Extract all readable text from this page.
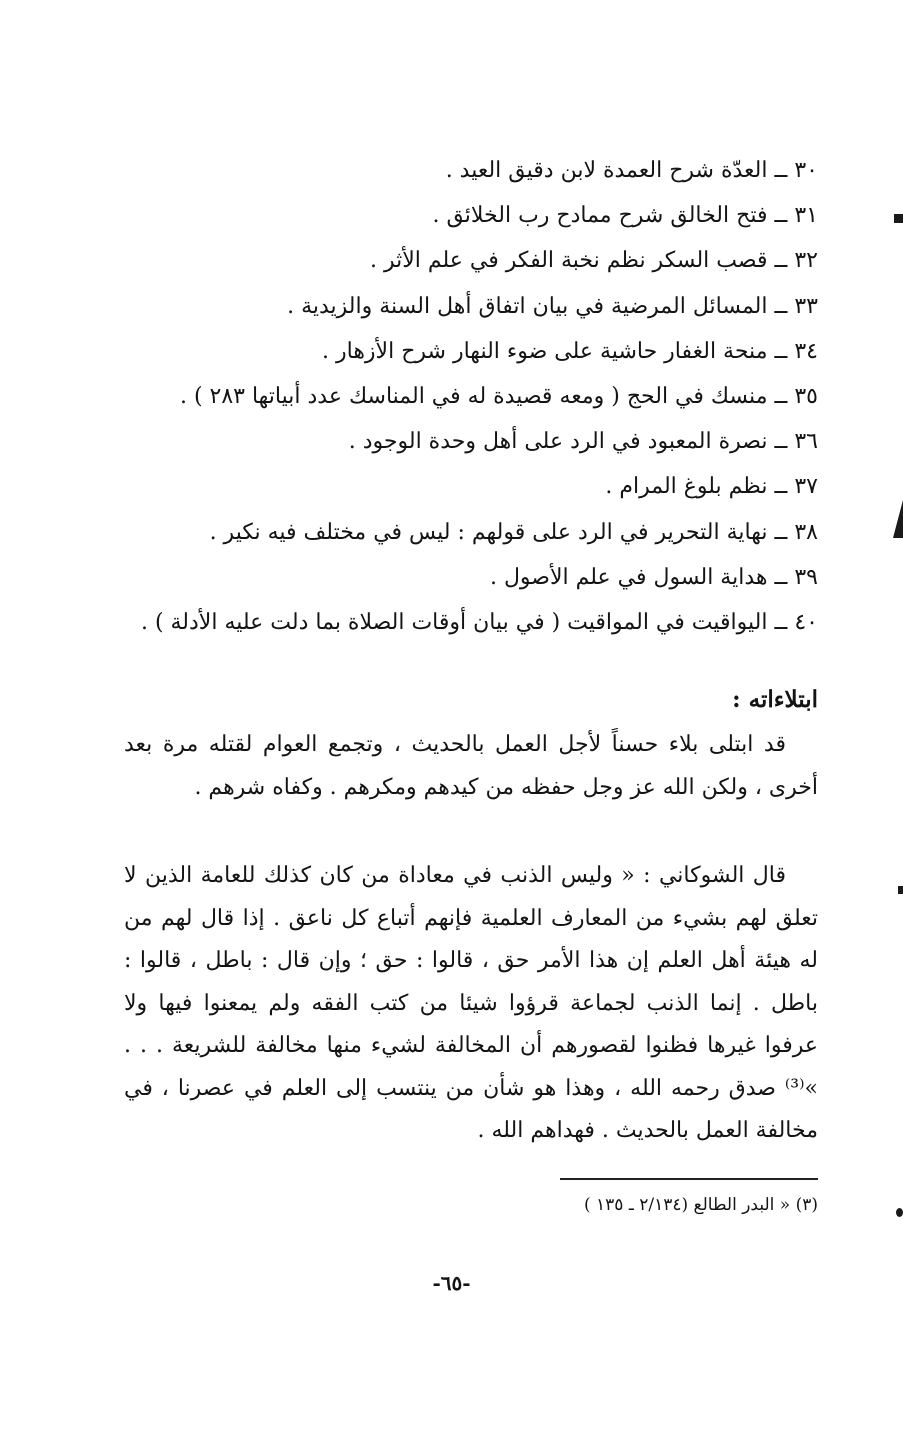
٣٠ ــ العدّة شرح العمدة لابن دقيق العيد .
٣١ ــ فتح الخالق شرح ممادح رب الخلائق .
٣٢ ــ قصب السكر نظم نخبة الفكر في علم الأثر .
٣٣ ــ المسائل المرضية في بيان اتفاق أهل السنة والزيدية .
٣٤ ــ منحة الغفار حاشية على ضوء النهار شرح الأزهار .
٣٥ ــ منسك في الحج ( ومعه قصيدة له في المناسك عدد أبياتها ٢٨٣ ) .
٣٦ ــ نصرة المعبود في الرد على أهل وحدة الوجود .
٣٧ ــ نظم بلوغ المرام .
٣٨ ــ نهاية التحرير في الرد على قولهم : ليس في مختلف فيه نكير .
٣٩ ــ هداية السول في علم الأصول .
٤٠ ــ اليواقيت في المواقيت ( في بيان أوقات الصلاة بما دلت عليه الأدلة ) .
ابتلاءاته :

قد ابتلى بلاء حسناً لأجل العمل بالحديث ، وتجمع العوام لقتله مرة بعد أخرى ، ولكن الله عز وجل حفظه من كيدهم ومكرهم . وكفاه شرهم .

قال الشوكاني : « وليس الذنب في معاداة من كان كذلك للعامة الذين لا تعلق لهم بشيء من المعارف العلمية فإنهم أتباع كل ناعق . إذا قال لهم من له هيئة أهل العلم إن هذا الأمر حق ، قالوا : حق ؛ وإن قال : باطل ، قالوا : باطل . إنما الذنب لجماعة قرؤوا شيئا من كتب الفقه ولم يمعنوا فيها ولا عرفوا غيرها فظنوا لقصورهم أن المخالفة لشيء منها مخالفة للشريعة . . . »⁽³⁾ صدق رحمه الله ، وهذا هو شأن من ينتسب إلى العلم في عصرنا ، في مخالفة العمل بالحديث . فهداهم الله .

(٣) « البدر الطالع (٢/١٣٤ ـ ١٣٥ )

-٦٥-
